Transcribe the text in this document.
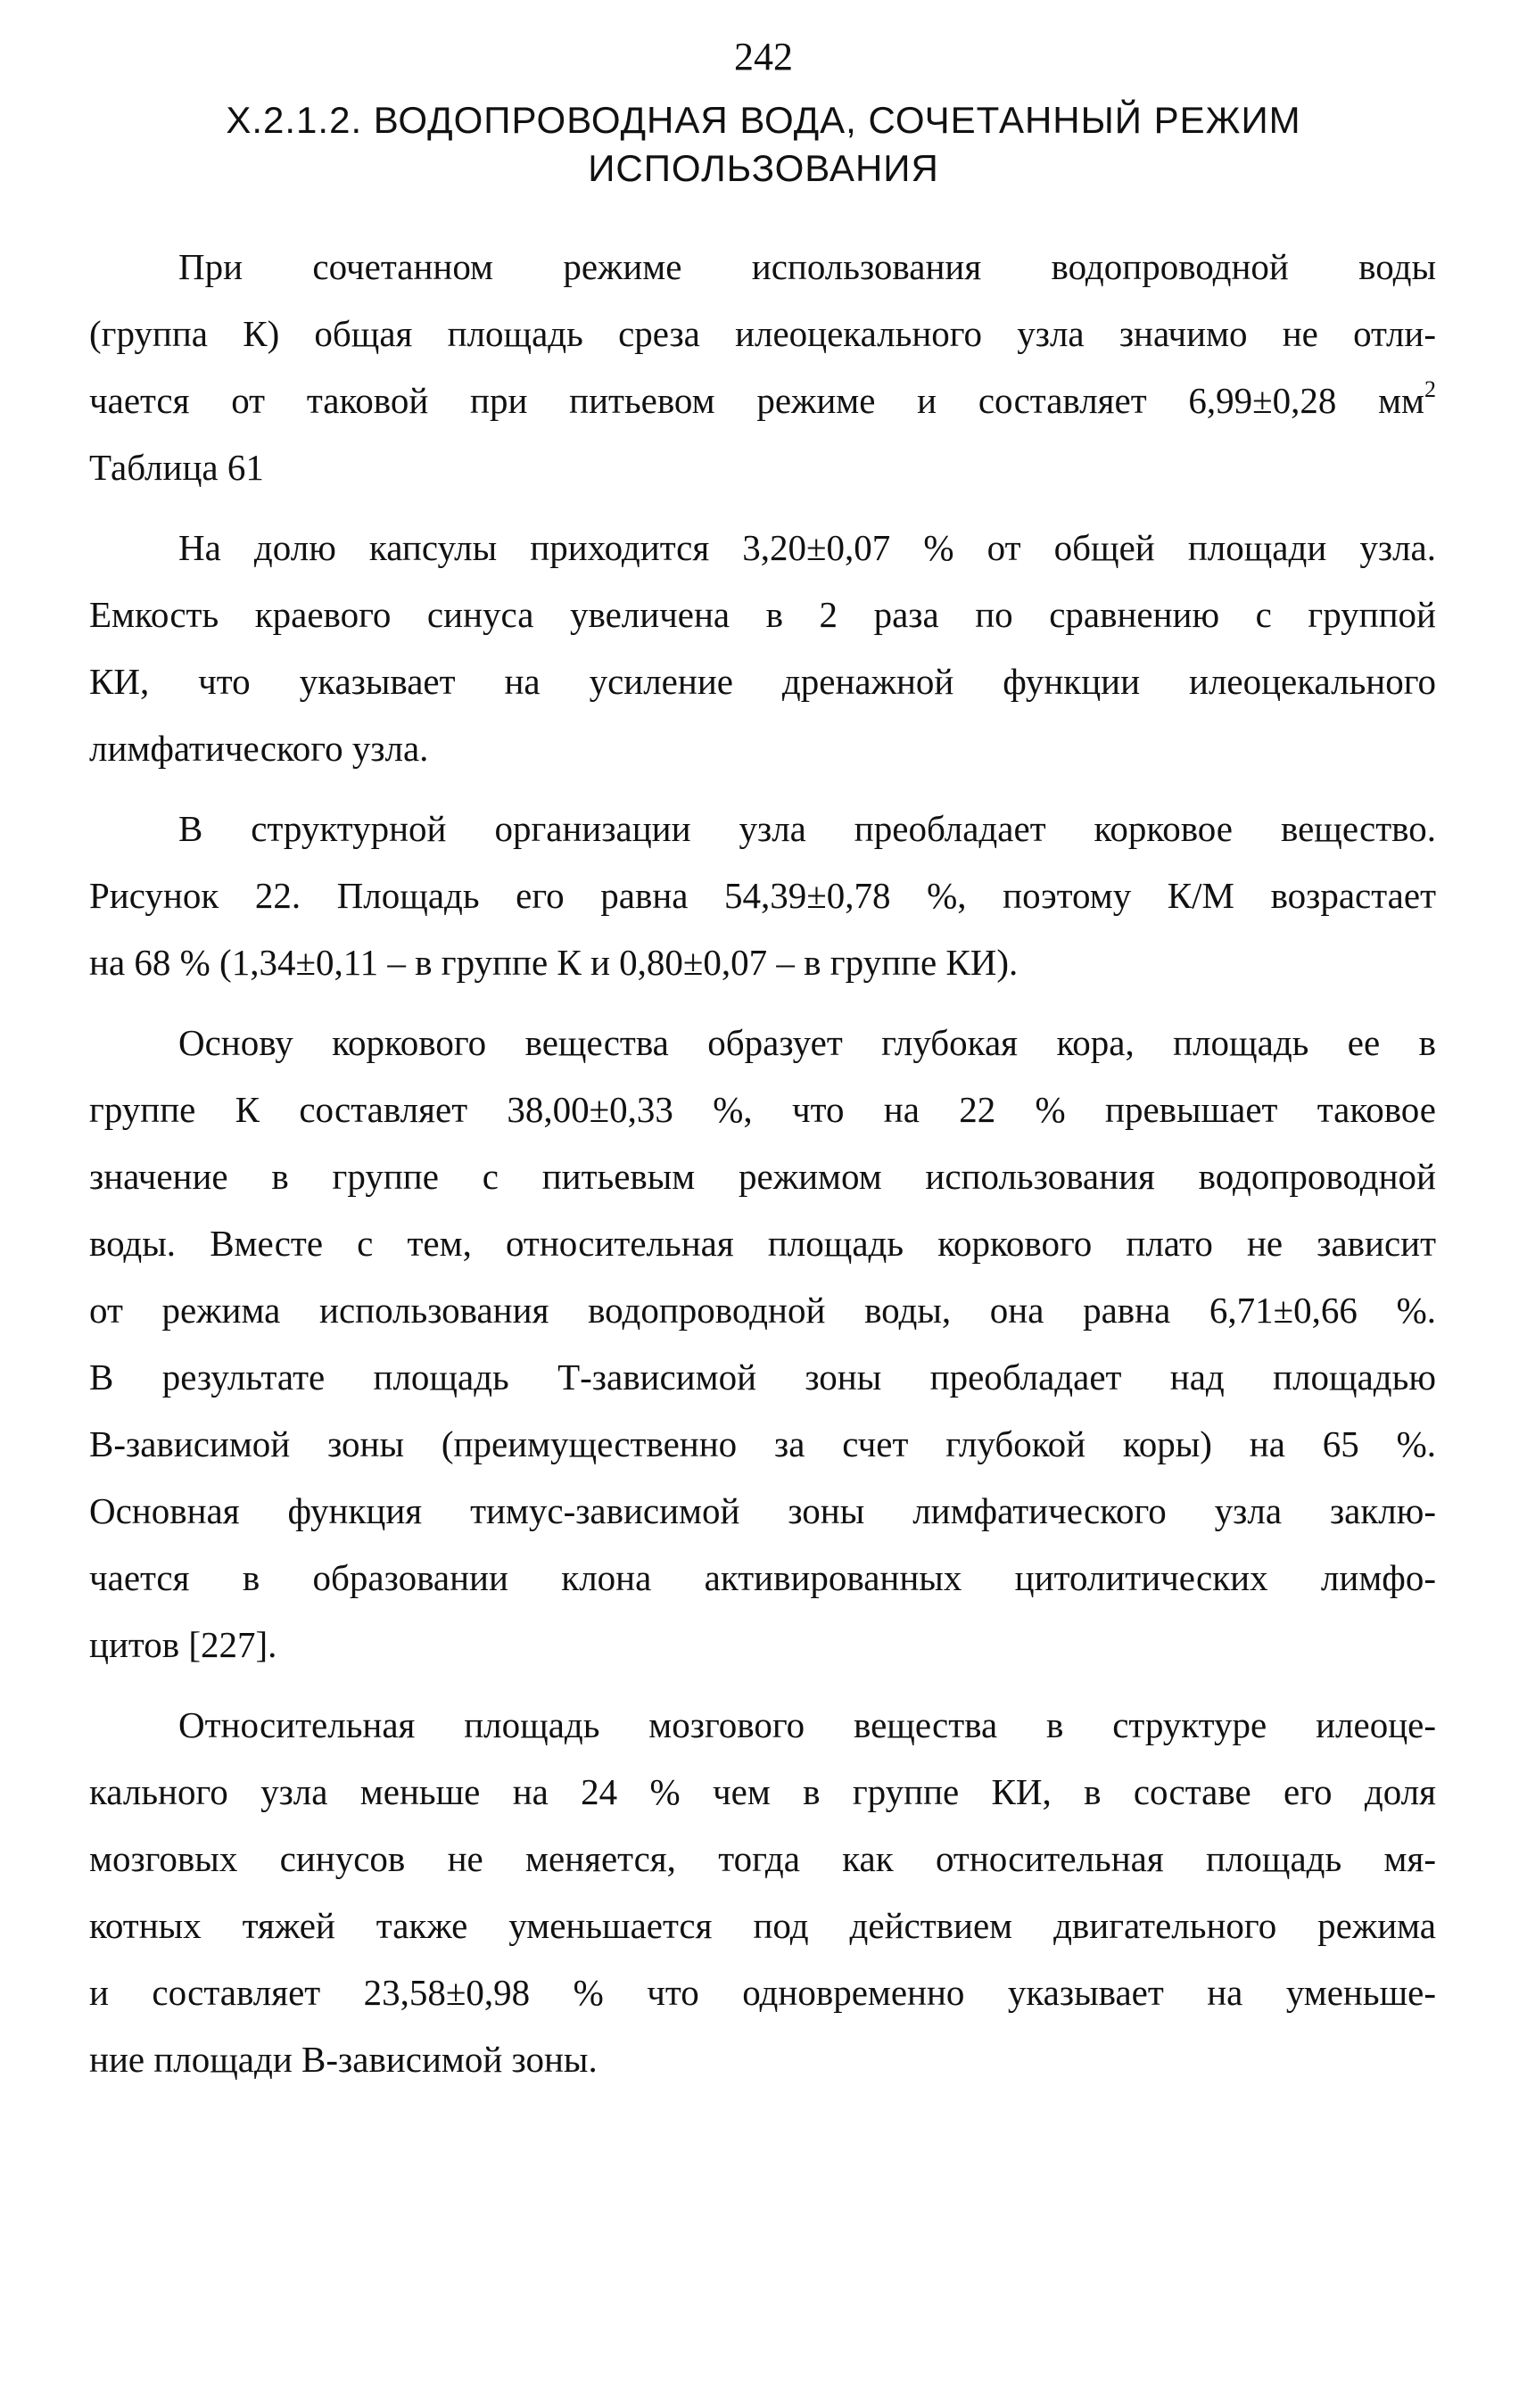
242
Х.2.1.2. ВОДОПРОВОДНАЯ ВОДА, СОЧЕТАННЫЙ РЕЖИМ
ИСПОЛЬЗОВАНИЯ
При сочетанном режиме использования водопроводной воды
(группа К) общая площадь среза илеоцекального узла значимо не отли-
чается от таковой при питьевом режиме и составляет 6,99±0,28 $мм^2$
Таблица 61
На долю капсулы приходится 3,20±0,07 % от общей площади узла.
Емкость краевого синуса увеличена в 2 раза по сравнению с группой
КИ, что указывает на усиление дренажной функции илеоцекального
лимфатического узла.
В структурной организации узла преобладает корковое вещество.
Рисунок 22. Площадь его равна 54,39±0,78 %, поэтому К/М возрастает
на 68 % (1,34±0,11 – в группе К и 0,80±0,07 – в группе КИ).
Основу коркового вещества образует глубокая кора, площадь ее в
группе К составляет 38,00±0,33 %, что на 22 % превышает таковое
значение в группе с питьевым режимом использования водопроводной
воды. Вместе с тем, относительная площадь коркового плато не зависит
от режима использования водопроводной воды, она равна 6,71±0,66 %.
В результате площадь Т-зависимой зоны преобладает над площадью
В-зависимой зоны (преимущественно за счет глубокой коры) на 65 %.
Основная функция тимус-зависимой зоны лимфатического узла заклю-
чается в образовании клона активированных цитолитических лимфо-
цитов [227].
Относительная площадь мозгового вещества в структуре илеоце-
кального узла меньше на 24 % чем в группе КИ, в составе его доля
мозговых синусов не меняется, тогда как относительная площадь мя-
котных тяжей также уменьшается под действием двигательного режима
и составляет 23,58±0,98 % что одновременно указывает на уменьше-
ние площади В-зависимой зоны.
